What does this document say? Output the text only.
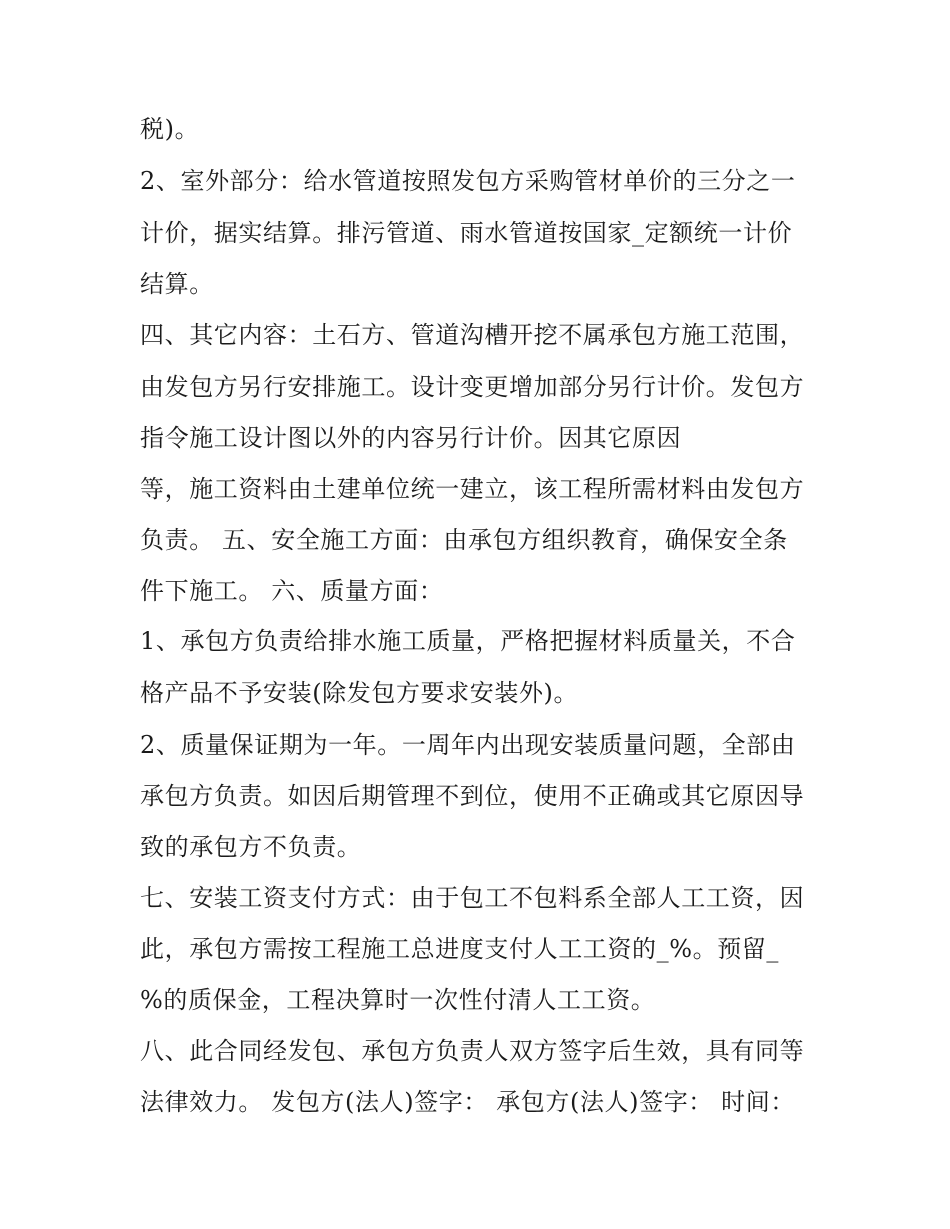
税)。
2、室外部分：给水管道按照发包方采购管材单价的三分之一
计价，据实结算。排污管道、雨水管道按国家_定额统一计价
结算。
四、其它内容：土石方、管道沟槽开挖不属承包方施工范围，
由发包方另行安排施工。设计变更增加部分另行计价。发包方
指令施工设计图以外的内容另行计价。因其它原因
等，施工资料由土建单位统一建立，该工程所需材料由发包方
负责。 五、安全施工方面：由承包方组织教育，确保安全条
件下施工。 六、质量方面：
1、承包方负责给排水施工质量，严格把握材料质量关，不合
格产品不予安装(除发包方要求安装外)。
2、质量保证期为一年。一周年内出现安装质量问题，全部由
承包方负责。如因后期管理不到位，使用不正确或其它原因导
致的承包方不负责。
七、安装工资支付方式：由于包工不包料系全部人工工资，因
此，承包方需按工程施工总进度支付人工工资的_%。预留_
%的质保金，工程决算时一次性付清人工工资。
八、此合同经发包、承包方负责人双方签字后生效，具有同等
法律效力。 发包方(法人)签字： 承包方(法人)签字： 时间：
